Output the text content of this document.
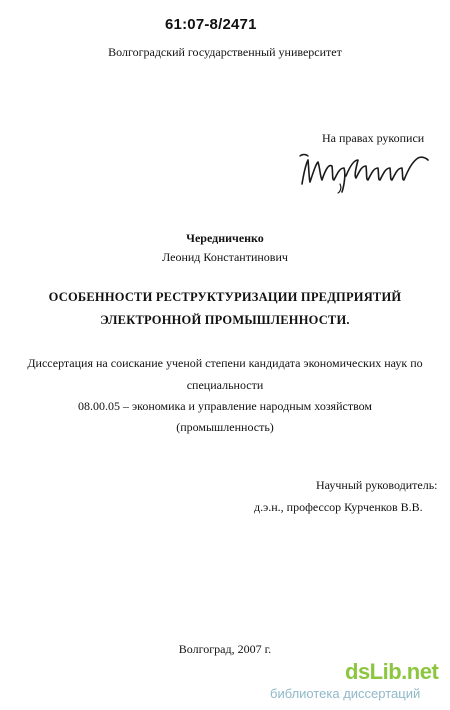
61:07-8/2471
Волгоградский государственный университет
На правах рукописи
Чередниченко
Леонид Константинович
ОСОБЕННОСТИ РЕСТРУКТУРИЗАЦИИ ПРЕДПРИЯТИЙ
ЭЛЕКТРОННОЙ ПРОМЫШЛЕННОСТИ.
Диссертация на соискание ученой степени кандидата экономических наук по
специальности
08.00.05 – экономика и управление народным хозяйством
(промышленность)
Научный руководитель:
д.э.н., профессор Курченков В.В.
Волгоград, 2007 г.
dsLib.net
библиотека диссертаций
